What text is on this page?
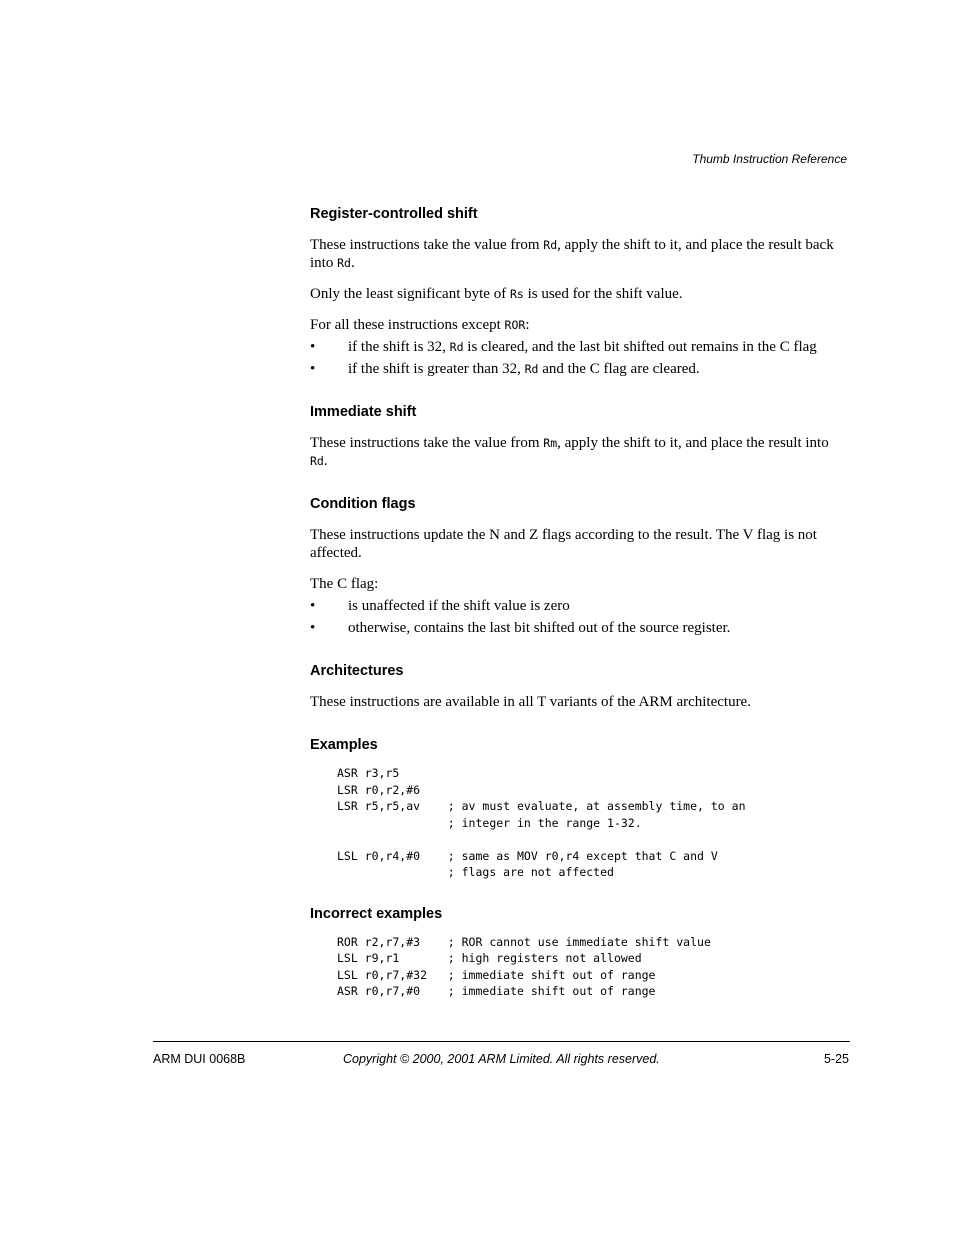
Thumb Instruction Reference
Register-controlled shift

These instructions take the value from Rd, apply the shift to it, and place the result back into Rd.

Only the least significant byte of Rs is used for the shift value.

For all these instructions except ROR:

• if the shift is 32, Rd is cleared, and the last bit shifted out remains in the C flag
• if the shift is greater than 32, Rd and the C flag are cleared.
Immediate shift

These instructions take the value from Rm, apply the shift to it, and place the result into Rd.

Condition flags

These instructions update the N and Z flags according to the result. The V flag is not affected.

The C flag:

• is unaffected if the shift value is zero
• otherwise, contains the last bit shifted out of the source register.
Architectures

These instructions are available in all T variants of the ARM architecture.

Examples
ASR r3,r5
LSR r0,r2,#6
LSR r5,r5,av    ; av must evaluate, at assembly time, to an
; integer in the range 1-32.

LSL r0,r4,#0    ; same as MOV r0,r4 except that C and V
; flags are not affected
Incorrect examples
ROR r2,r7,#3    ; ROR cannot use immediate shift value
LSL r9,r1       ; high registers not allowed
LSL r0,r7,#32   ; immediate shift out of range
ASR r0,r7,#0    ; immediate shift out of range
ARM DUI 0068B	Copyright © 2000, 2001 ARM Limited. All rights reserved.	5-25
